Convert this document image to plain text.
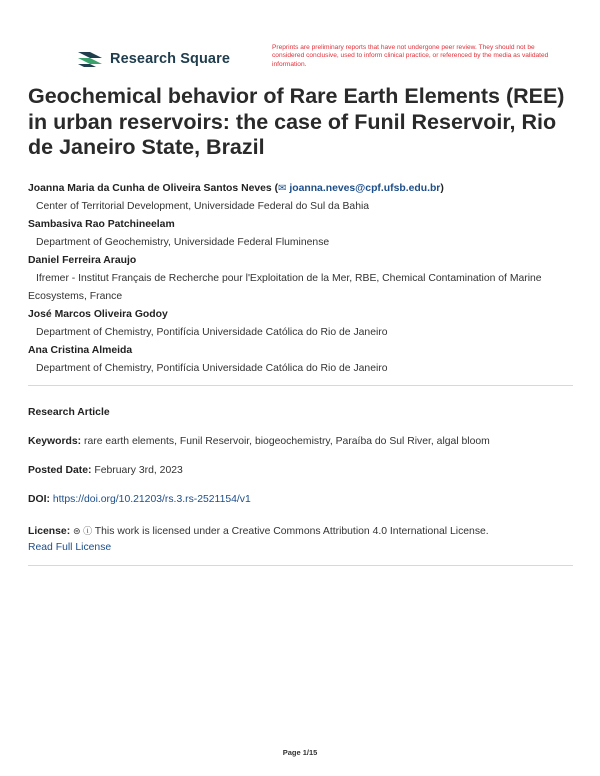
Research Square
Preprints are preliminary reports that have not undergone peer review. They should not be considered conclusive, used to inform clinical practice, or referenced by the media as validated information.
Geochemical behavior of Rare Earth Elements (REE) in urban reservoirs: the case of Funil Reservoir, Rio de Janeiro State, Brazil
Joanna Maria da Cunha de Oliveira Santos Neves (✉ joanna.neves@cpf.ufsb.edu.br)
Center of Territorial Development, Universidade Federal do Sul da Bahia
Sambasiva Rao Patchineelam
Department of Geochemistry, Universidade Federal Fluminense
Daniel Ferreira Araujo
Ifremer - Institut Français de Recherche pour l'Exploitation de la Mer, RBE, Chemical Contamination of Marine Ecosystems, France
José Marcos Oliveira Godoy
Department of Chemistry, Pontifícia Universidade Católica do Rio de Janeiro
Ana Cristina Almeida
Department of Chemistry, Pontifícia Universidade Católica do Rio de Janeiro
Research Article
Keywords: rare earth elements, Funil Reservoir, biogeochemistry, Paraíba do Sul River, algal bloom
Posted Date: February 3rd, 2023
DOI: https://doi.org/10.21203/rs.3.rs-2521154/v1
License: ⊜ ⓘ This work is licensed under a Creative Commons Attribution 4.0 International License.
Read Full License
Page 1/15
